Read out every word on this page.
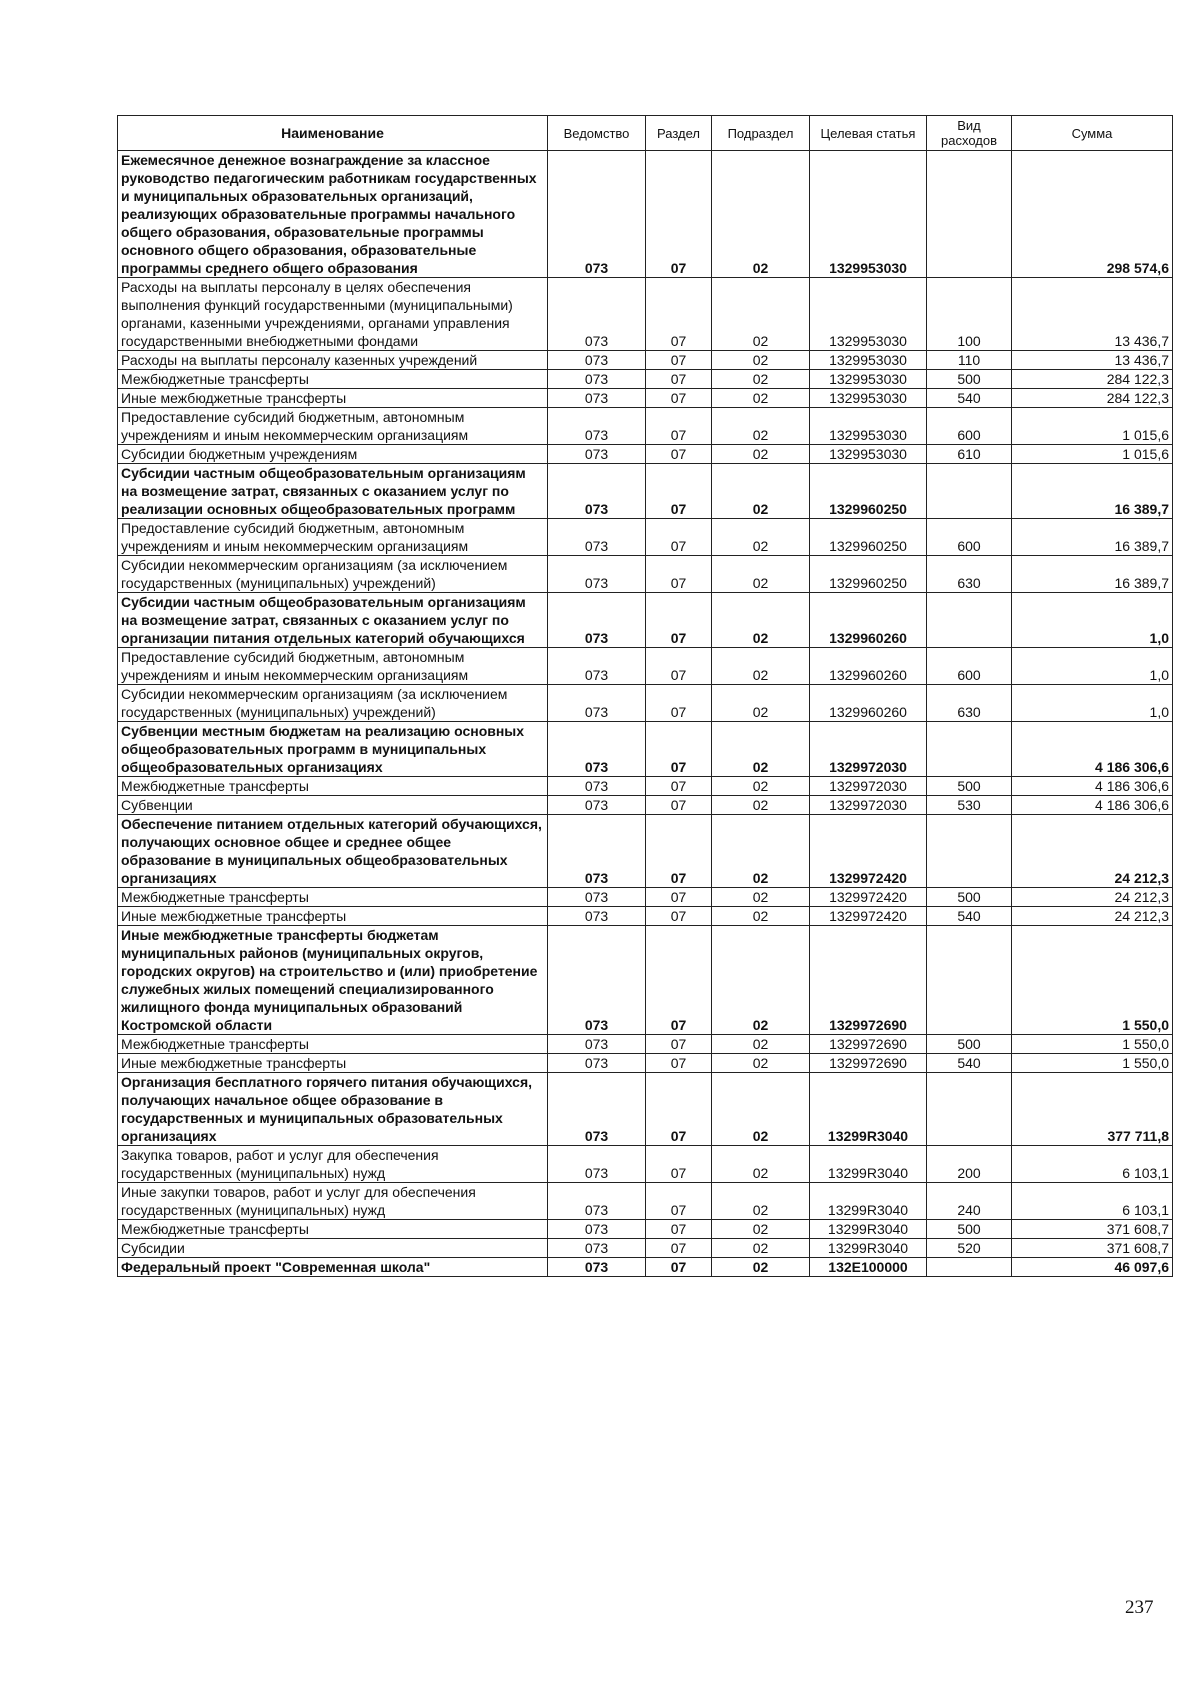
Наименование	Ведомство	Раздел	Подраздел	Целевая статья	Вид расходов	Сумма
Ежемесячное денежное вознаграждение за классное руководство педагогическим работникам государственных и муниципальных образовательных организаций, реализующих образовательные программы начального общего образования, образовательные программы основного общего образования, образовательные программы среднего общего образования	073	07	02	1329953030		298 574,6
Расходы на выплаты персоналу в целях обеспечения выполнения функций государственными (муниципальными) органами, казенными учреждениями, органами управления государственными внебюджетными фондами	073	07	02	1329953030	100	13 436,7
Расходы на выплаты персоналу казенных учреждений	073	07	02	1329953030	110	13 436,7
Межбюджетные трансферты	073	07	02	1329953030	500	284 122,3
Иные межбюджетные трансферты	073	07	02	1329953030	540	284 122,3
Предоставление субсидий бюджетным, автономным учреждениям и иным некоммерческим организациям	073	07	02	1329953030	600	1 015,6
Субсидии бюджетным учреждениям	073	07	02	1329953030	610	1 015,6
Субсидии частным общеобразовательным организациям на возмещение затрат, связанных с оказанием услуг по реализации основных общеобразовательных программ	073	07	02	1329960250		16 389,7
Предоставление субсидий бюджетным, автономным учреждениям и иным некоммерческим организациям	073	07	02	1329960250	600	16 389,7
Субсидии некоммерческим организациям (за исключением государственных (муниципальных) учреждений)	073	07	02	1329960250	630	16 389,7
Субсидии частным общеобразовательным организациям на возмещение затрат, связанных с оказанием услуг по организации питания отдельных категорий обучающихся	073	07	02	1329960260		1,0
Предоставление субсидий бюджетным, автономным учреждениям и иным некоммерческим организациям	073	07	02	1329960260	600	1,0
Субсидии некоммерческим организациям (за исключением государственных (муниципальных) учреждений)	073	07	02	1329960260	630	1,0
Субвенции местным бюджетам на реализацию основных общеобразовательных программ в муниципальных общеобразовательных организациях	073	07	02	1329972030		4 186 306,6
Межбюджетные трансферты	073	07	02	1329972030	500	4 186 306,6
Субвенции	073	07	02	1329972030	530	4 186 306,6
Обеспечение питанием отдельных категорий обучающихся, получающих основное общее и среднее общее образование в муниципальных общеобразовательных организациях	073	07	02	1329972420		24 212,3
Межбюджетные трансферты	073	07	02	1329972420	500	24 212,3
Иные межбюджетные трансферты	073	07	02	1329972420	540	24 212,3
Иные межбюджетные трансферты бюджетам муниципальных районов (муниципальных округов, городских округов) на строительство и (или) приобретение служебных жилых помещений специализированного жилищного фонда муниципальных образований Костромской области	073	07	02	1329972690		1 550,0
Межбюджетные трансферты	073	07	02	1329972690	500	1 550,0
Иные межбюджетные трансферты	073	07	02	1329972690	540	1 550,0
Организация бесплатного горячего питания обучающихся, получающих начальное общее образование в государственных и муниципальных образовательных организациях	073	07	02	13299R3040		377 711,8
Закупка товаров, работ и услуг для обеспечения государственных (муниципальных) нужд	073	07	02	13299R3040	200	6 103,1
Иные закупки товаров, работ и услуг для обеспечения государственных (муниципальных) нужд	073	07	02	13299R3040	240	6 103,1
Межбюджетные трансферты	073	07	02	13299R3040	500	371 608,7
Субсидии	073	07	02	13299R3040	520	371 608,7
Федеральный проект "Современная школа"	073	07	02	132E100000		46 097,6
237
